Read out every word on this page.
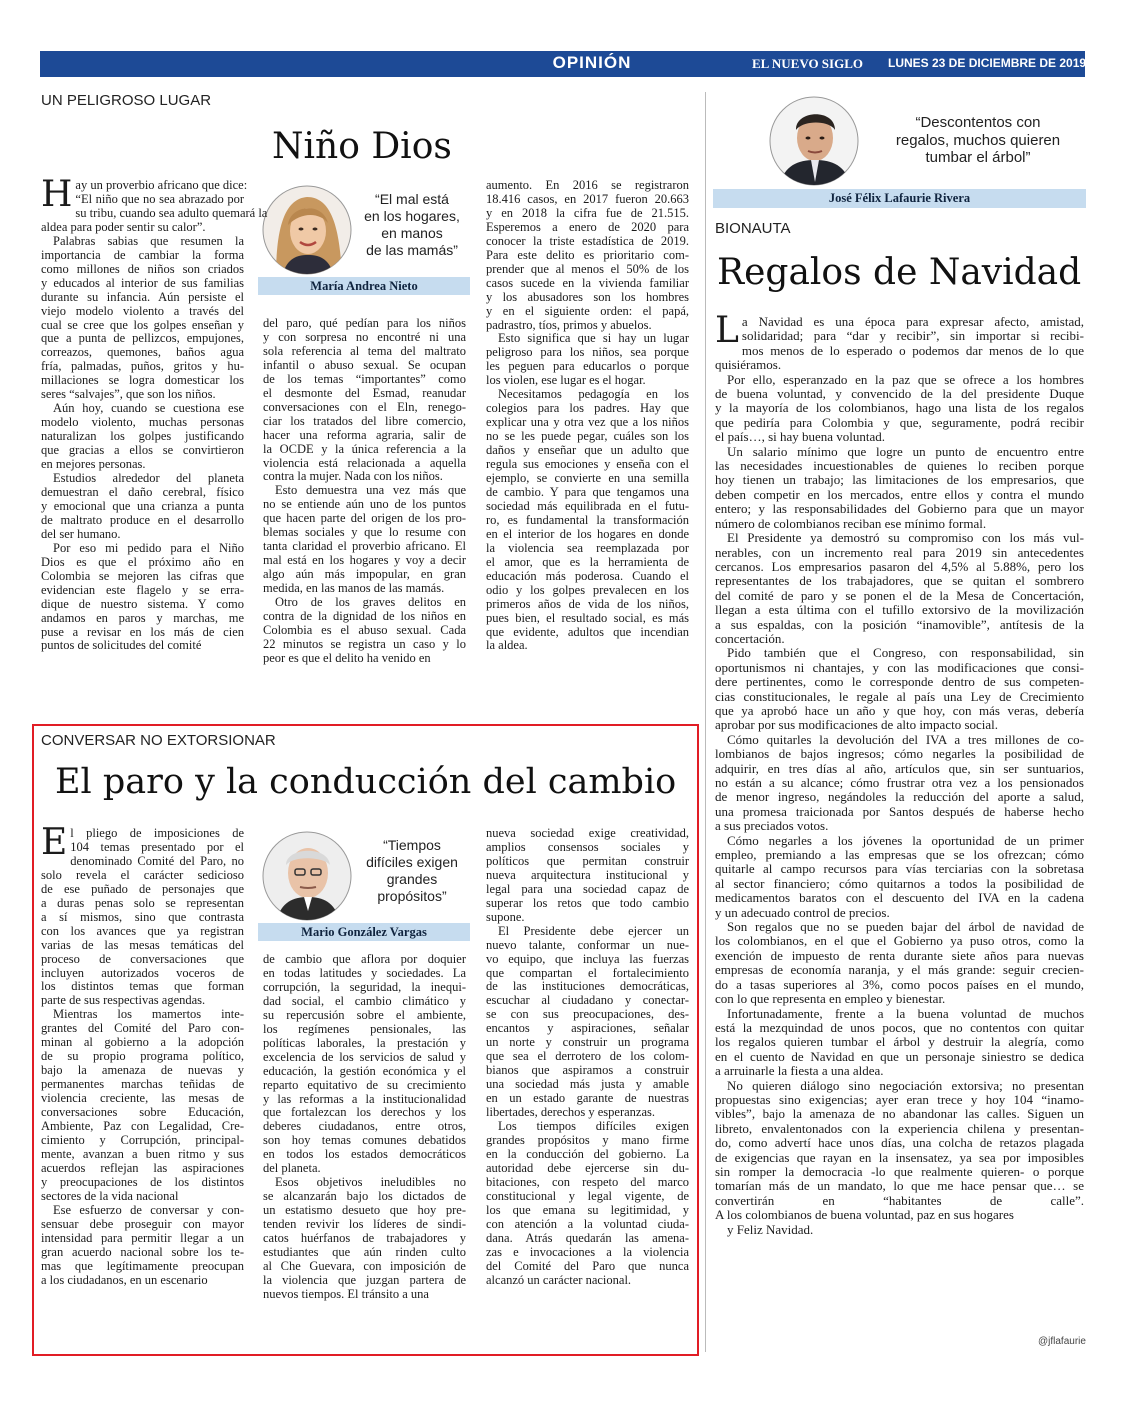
OPINIÓN	EL NUEVO SIGLO LUNES 23 DE DICIEMBRE DE 2019 9A
UN PELIGROSO LUGAR
Niño Dios
“El mal está
en los hogares,
en manos
de las mamás”
María Andrea Nieto
H ay un proverbio africano que dice:

“El niño que no sea abrazado por

su tribu, cuando sea adulto quemará la

aldea para poder sentir su calor”.

Palabras sabias que resumen la

importancia de cambiar la forma

como millones de niños son criados

y educados al interior de sus familias

durante su infancia. Aún persiste el

viejo modelo violento a través del

cual se cree que los golpes enseñan y

que a punta de pellizcos, empujones,

correazos, quemones, baños agua

fría, palmadas, puños, gritos y hu-

millaciones se logra domesticar los

seres “salvajes”, que son los niños.

Aún hoy, cuando se cuestiona ese

modelo violento, muchas personas

naturalizan los golpes justificando

que gracias a ellos se convirtieron

en mejores personas.

Estudios alrededor del planeta

demuestran el daño cerebral, físico

y emocional que una crianza a punta

de maltrato produce en el desarrollo

del ser humano.

Por eso mi pedido para el Niño

Dios es que el próximo año en

Colombia se mejoren las cifras que

evidencian este flagelo y se erra-

dique de nuestro sistema. Y como

andamos en paros y marchas, me

puse a revisar en los más de cien

puntos de solicitudes del comité

del paro, qué pedían para los niños

y con sorpresa no encontré ni una

sola referencia al tema del maltrato

infantil o abuso sexual. Se ocupan

de los temas “importantes” como

el desmonte del Esmad, reanudar

conversaciones con el Eln, renego-

ciar los tratados del libre comercio,

hacer una reforma agraria, salir de

la OCDE y la única referencia a la

violencia está relacionada a aquella

contra la mujer. Nada con los niños.

Esto demuestra una vez más que

no se entiende aún uno de los puntos

que hacen parte del origen de los pro-

blemas sociales y que lo resume con

tanta claridad el proverbio africano. El

mal está en los hogares y voy a decir

algo aún más impopular, en gran

medida, en las manos de las mamás.

Otro de los graves delitos en

contra de la dignidad de los niños en

Colombia es el abuso sexual. Cada

22 minutos se registra un caso y lo

peor es que el delito ha venido en

aumento. En 2016 se registraron

18.416 casos, en 2017 fueron 20.663

y en 2018 la cifra fue de 21.515.

Esperemos a enero de 2020 para

conocer la triste estadística de 2019.

Para este delito es prioritario com-

prender que al menos el 50% de los

casos sucede en la vivienda familiar

y los abusadores son los hombres

y en el siguiente orden: el papá,

padrastro, tíos, primos y abuelos.

Esto significa que si hay un lugar

peligroso para los niños, sea porque

les peguen para educarlos o porque

los violen, ese lugar es el hogar.

Necesitamos pedagogía en los

colegios para los padres. Hay que

explicar una y otra vez que a los niños

no se les puede pegar, cuáles son los

daños y enseñar que un adulto que

regula sus emociones y enseña con el

ejemplo, se convierte en una semilla

de cambio. Y para que tengamos una

sociedad más equilibrada en el futu-

ro, es fundamental la transformación

en el interior de los hogares en donde

la violencia sea reemplazada por

el amor, que es la herramienta de

educación más poderosa. Cuando el

odio y los golpes prevalecen en los

primeros años de vida de los niños,

pues bien, el resultado social, es más

que evidente, adultos que incendian

la aldea.

CONVERSAR NO EXTORSIONAR
El paro y la conducción del cambio
“Tiempos
difíciles exigen
grandes
propósitos”
Mario González Vargas
E l pliego de imposiciones de

104 temas presentado por el

denominado Comité del Paro, no

solo revela el carácter sedicioso

de ese puñado de personajes que

a duras penas solo se representan

a sí mismos, sino que contrasta

con los avances que ya registran

varias de las mesas temáticas del

proceso de conversaciones que

incluyen autorizados voceros de

los distintos temas que forman

parte de sus respectivas agendas.

Mientras los mamertos inte-

grantes del Comité del Paro con-

minan al gobierno a la adopción

de su propio programa político,

bajo la amenaza de nuevas y

permanentes marchas teñidas de

violencia creciente, las mesas de

conversaciones sobre Educación,

Ambiente, Paz con Legalidad, Cre-

cimiento y Corrupción, principal-

mente, avanzan a buen ritmo y sus

acuerdos reflejan las aspiraciones

y preocupaciones de los distintos

sectores de la vida nacional

Ese esfuerzo de conversar y con-

sensuar debe proseguir con mayor

intensidad para permitir llegar a un

gran acuerdo nacional sobre los te-

mas que legítimamente preocupan

a los ciudadanos, en un escenario

de cambio que aflora por doquier

en todas latitudes y sociedades. La

corrupción, la seguridad, la inequi-

dad social, el cambio climático y

su repercusión sobre el ambiente,

los regímenes pensionales, las

políticas laborales, la prestación y

excelencia de los servicios de salud y

educación, la gestión económica y el

reparto equitativo de su crecimiento

y las reformas a la institucionalidad

que fortalezcan los derechos y los

deberes ciudadanos, entre otros,

son hoy temas comunes debatidos

en todos los estados democráticos

del planeta.

Esos objetivos ineludibles no

se alcanzarán bajo los dictados de

un estatismo desueto que hoy pre-

tenden revivir los líderes de sindi-

catos huérfanos de trabajadores y

estudiantes que aún rinden culto

al Che Guevara, con imposición de

la violencia que juzgan partera de

nuevos tiempos. El tránsito a una

nueva sociedad exige creatividad,

amplios consensos sociales y

políticos que permitan construir

nueva arquitectura institucional y

legal para una sociedad capaz de

superar los retos que todo cambio

supone.

El Presidente debe ejercer un

nuevo talante, conformar un nue-

vo equipo, que incluya las fuerzas

que compartan el fortalecimiento

de las instituciones democráticas,

escuchar al ciudadano y conectar-

se con sus preocupaciones, des-

encantos y aspiraciones, señalar

un norte y construir un programa

que sea el derrotero de los colom-

bianos que aspiramos a construir

una sociedad más justa y amable

en un estado garante de nuestras

libertades, derechos y esperanzas.

Los tiempos difíciles exigen

grandes propósitos y mano firme

en la conducción del gobierno. La

autoridad debe ejercerse sin du-

bitaciones, con respeto del marco

constitucional y legal vigente, de

los que emana su legitimidad, y

con atención a la voluntad ciuda-

dana. Atrás quedarán las amena-

zas e invocaciones a la violencia

del Comité del Paro que nunca

alcanzó un carácter nacional.

“Descontentos con
regalos, muchos quieren
tumbar el árbol”
José Félix Lafaurie Rivera
BIONAUTA
Regalos de Navidad
L a Navidad es una época para expresar afecto, amistad,

solidaridad; para “dar y recibir”, sin importar si recibi-

mos menos de lo esperado o podemos dar menos de lo que

quisiéramos.

Por ello, esperanzado en la paz que se ofrece a los hombres

de buena voluntad, y convencido de la del presidente Duque

y la mayoría de los colombianos, hago una lista de los regalos

que pediría para Colombia y que, seguramente, podrá recibir

el país…, si hay buena voluntad.

Un salario mínimo que logre un punto de encuentro entre

las necesidades incuestionables de quienes lo reciben porque

hoy tienen un trabajo; las limitaciones de los empresarios, que

deben competir en los mercados, entre ellos y contra el mundo

entero; y las responsabilidades del Gobierno para que un mayor

número de colombianos reciban ese mínimo formal.

El Presidente ya demostró su compromiso con los más vul-

nerables, con un incremento real para 2019 sin antecedentes

cercanos. Los empresarios pasaron del 4,5% al 5.88%, pero los

representantes de los trabajadores, que se quitan el sombrero

del comité de paro y se ponen el de la Mesa de Concertación,

llegan a esta última con el tufillo extorsivo de la movilización

a sus espaldas, con la posición “inamovible”, antítesis de la

concertación.

Pido también que el Congreso, con responsabilidad, sin

oportunismos ni chantajes, y con las modificaciones que consi-

dere pertinentes, como le corresponde dentro de sus competen-

cias constitucionales, le regale al país una Ley de Crecimiento

que ya aprobó hace un año y que hoy, con más veras, debería

aprobar por sus modificaciones de alto impacto social.

Cómo quitarles la devolución del IVA a tres millones de co-

lombianos de bajos ingresos; cómo negarles la posibilidad de

adquirir, en tres días al año, artículos que, sin ser suntuarios,

no están a su alcance; cómo frustrar otra vez a los pensionados

de menor ingreso, negándoles la reducción del aporte a salud,

una promesa traicionada por Santos después de haberse hecho

a sus preciados votos.

Cómo negarles a los jóvenes la oportunidad de un primer

empleo, premiando a las empresas que se los ofrezcan; cómo

quitarle al campo recursos para vías terciarias con la sobretasa

al sector financiero; cómo quitarnos a todos la posibilidad de

medicamentos baratos con el descuento del IVA en la cadena

y un adecuado control de precios.

Son regalos que no se pueden bajar del árbol de navidad de

los colombianos, en el que el Gobierno ya puso otros, como la

exención de impuesto de renta durante siete años para nuevas

empresas de economía naranja, y el más grande: seguir crecien-

do a tasas superiores al 3%, como pocos países en el mundo,

con lo que representa en empleo y bienestar.

Infortunadamente, frente a la buena voluntad de muchos

está la mezquindad de unos pocos, que no contentos con quitar

los regalos quieren tumbar el árbol y destruir la alegría, como

en el cuento de Navidad en que un personaje siniestro se dedica

a arruinarle la fiesta a una aldea.

No quieren diálogo sino negociación extorsiva; no presentan

propuestas sino exigencias; ayer eran trece y hoy 104 “inamo-

vibles”, bajo la amenaza de no abandonar las calles. Siguen un

libreto, envalentonados con la experiencia chilena y presentan-

do, como advertí hace unos días, una colcha de retazos plagada

de exigencias que rayan en la insensatez, ya sea por imposibles

sin romper la democracia -lo que realmente quieren- o porque

tomarían más de un mandato, lo que me hace pensar que… se

convertirán en “habitantes de calle”.

A los colombianos de buena voluntad, paz en sus hogares

y Feliz Navidad.

@jflafaurie
